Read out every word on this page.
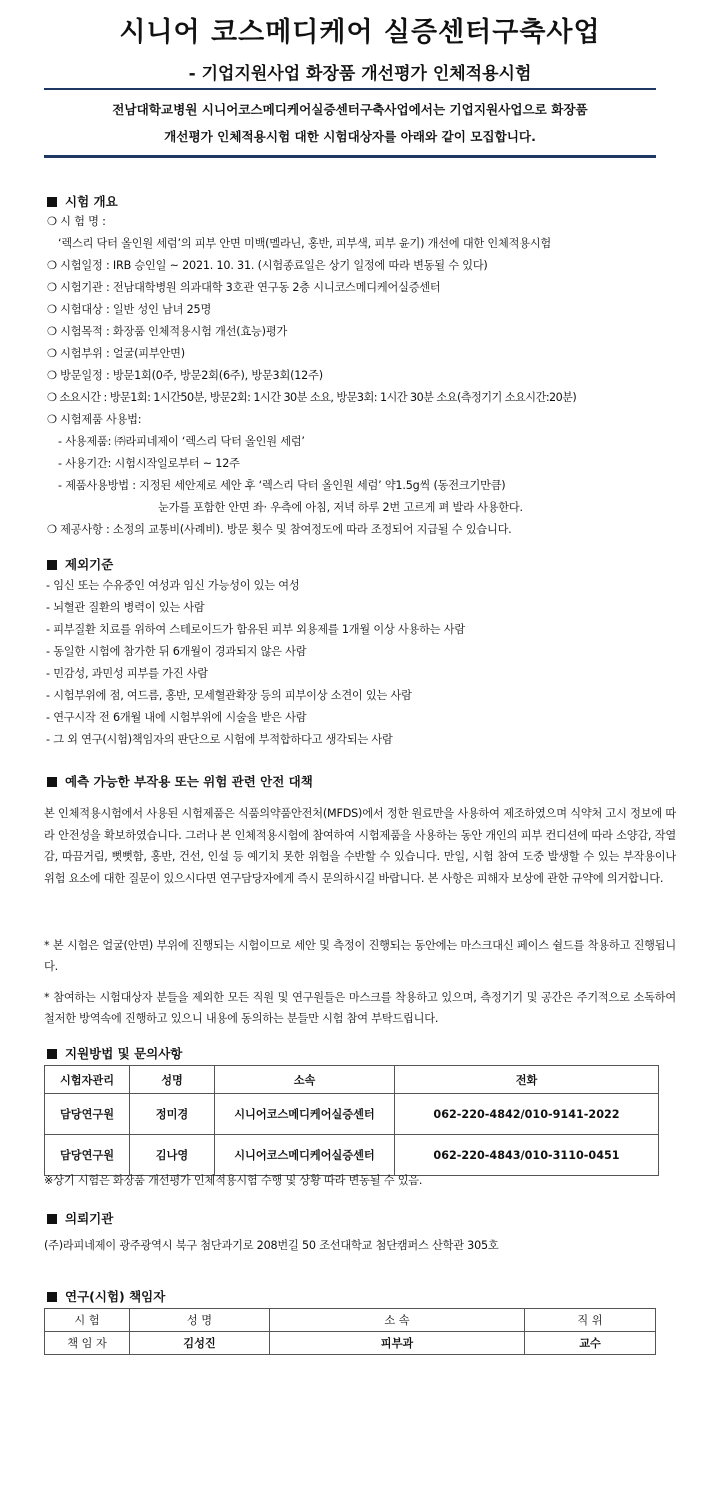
시니어 코스메디케어 실증센터구축사업
- 기업지원사업 화장품 개선평가 인체적용시험
전남대학교병원 시니어코스메디케어실증센터구축사업에서는 기업지원사업으로 화장품
개선평가 인체적용시험 대한 시험대상자를 아래와 같이 모집합니다.
시험 개요
❍ 시 험 명 :
‘렉스리 닥터 올인원 세럼’의 피부 안면 미백(멜라닌, 홍반, 피부색, 피부 윤기) 개선에 대한 인체적용시험
❍ 시험일정 : IRB 승인일 ~ 2021. 10. 31. (시험종료일은 상기 일정에 따라 변동될 수 있다)
❍ 시험기관 : 전남대학병원 의과대학 3호관 연구동 2층 시니코스메디케어실증센터
❍ 시험대상 : 일반 성인 남녀 25명
❍ 시험목적 : 화장품 인체적용시험 개선(효능)평가
❍ 시험부위 : 얼굴(피부안면)
❍ 방문일정 : 방문1회(0주, 방문2회(6주), 방문3회(12주)
❍ 소요시간 : 방문1회: 1시간50분, 방문2회: 1시간 30분 소요, 방문3회: 1시간 30분 소요(측정기기 소요시간:20분)
❍ 시험제품 사용법:
- 사용제품: ㈜라피네제이 ‘렉스리 닥터 올인원 세럼’
- 사용기간: 시험시작일로부터 ~ 12주
- 제품사용방법 : 지정된 세안제로 세안 후 ‘렉스리 닥터 올인원 세럼’ 약1.5g씩 (동전크기만큼)
눈가를 포함한 안면 좌· 우측에 아침, 저녁 하루 2번 고르게 펴 발라 사용한다.
❍ 제공사항 : 소정의 교통비(사례비). 방문 횟수 및 참여정도에 따라 조정되어 지급될 수 있습니다.
제외기준
- 임신 또는 수유중인 여성과 임신 가능성이 있는 여성
- 뇌혈관 질환의 병력이 있는 사람
- 피부질환 치료를 위하여 스테로이드가 함유된 피부 외용제를 1개월 이상 사용하는 사람
- 동일한 시험에 참가한 뒤 6개월이 경과되지 않은 사람
- 민감성, 과민성 피부를 가진 사람
- 시험부위에 점, 여드름, 홍반, 모세혈관확장 등의 피부이상 소견이 있는 사람
- 연구시작 전 6개월 내에 시험부위에 시술을 받은 사람
- 그 외 연구(시험)책임자의 판단으로 시험에 부적합하다고 생각되는 사람
예측 가능한 부작용 또는 위험 관련 안전 대책
본 인체적용시험에서 사용된 시험제품은 식품의약품안전처(MFDS)에서 정한 원료만을 사용하여 제조하였으며 식약처 고시 정보에 따라 안전성을 확보하였습니다. 그러나 본 인체적용시험에 참여하여 시험제품을 사용하는 동안 개인의 피부 컨디션에 따라 소양감, 작열감, 따끔거림, 뻣뻣함, 홍반, 건선, 인설 등 예기치 못한 위험을 수반할 수 있습니다. 만일, 시험 참여 도중 발생할 수 있는 부작용이나 위험 요소에 대한 질문이 있으시다면 연구담당자에게 즉시 문의하시길 바랍니다. 본 사항은 피해자 보상에 관한 규약에 의거합니다.
* 본 시험은 얼굴(안면) 부위에 진행되는 시험이므로 세안 및 측정이 진행되는 동안에는 마스크대신 페이스 쉴드를 착용하고 진행됩니다.
* 참여하는 시험대상자 분들을 제외한 모든 직원 및 연구원들은 마스크를 착용하고 있으며, 측정기기 및 공간은 주기적으로 소독하여 철저한 방역속에 진행하고 있으니 내용에 동의하는 분들만 시험 참여 부탁드립니다.
지원방법 및 문의사항
시험자관리	성명	소속	전화
담당연구원	정미경	시니어코스메디케어실증센터	062-220-4842/010-9141-2022
담당연구원	김나영	시니어코스메디케어실증센터	062-220-4843/010-3110-0451
※상기 시험은 화장품 개선평가 인체적용시험 수행 및 상황 따라 변동될 수 있음.
의뢰기관
(주)라피네제이 광주광역시 북구 첨단과기로 208번길 50 조선대학교 첨단캠퍼스 산학관 305호
연구(시험) 책임자
시 험	성 명	소 속	직 위
책 임 자	김성진	피부과	교수
